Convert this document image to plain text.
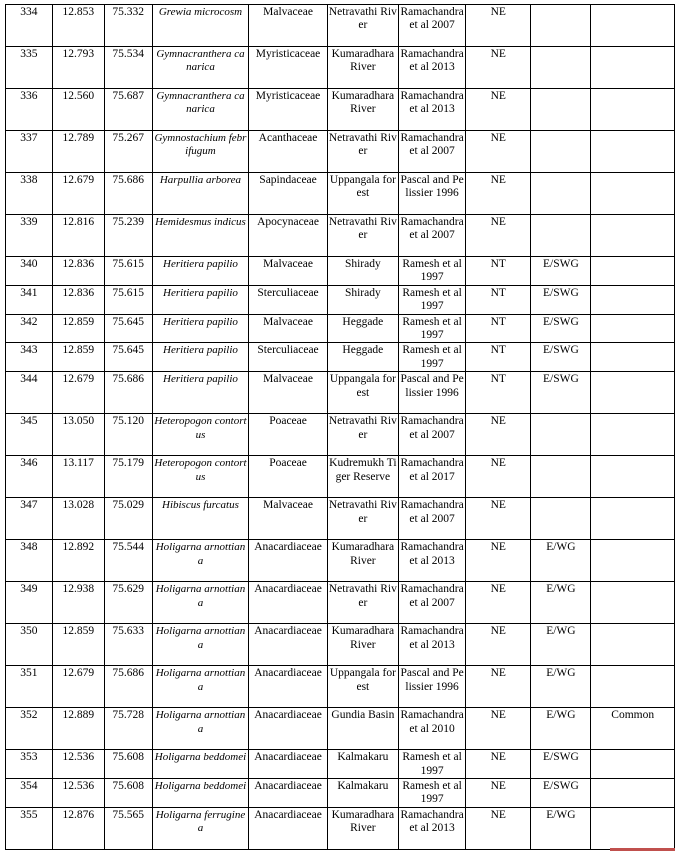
334	12.853	75.332	Grewia microcosm	Malvaceae	Netravathi River	Ramachandra et al 2007	NE		
335	12.793	75.534	Gymnacranthera canarica	Myristicaceae	Kumaradhara River	Ramachandra et al 2013	NE		
336	12.560	75.687	Gymnacranthera canarica	Myristicaceae	Kumaradhara River	Ramachandra et al 2013	NE		
337	12.789	75.267	Gymnostachium febrifugum	Acanthaceae	Netravathi River	Ramachandra et al 2007	NE		
338	12.679	75.686	Harpullia arborea	Sapindaceae	Uppangala forest	Pascal and Pelissier 1996	NE		
339	12.816	75.239	Hemidesmus indicus	Apocynaceae	Netravathi River	Ramachandra et al 2007	NE		
340	12.836	75.615	Heritiera papilio	Malvaceae	Shirady	Ramesh et al 1997	NT	E/SWG	
341	12.836	75.615	Heritiera papilio	Sterculiaceae	Shirady	Ramesh et al 1997	NT	E/SWG	
342	12.859	75.645	Heritiera papilio	Malvaceae	Heggade	Ramesh et al 1997	NT	E/SWG	
343	12.859	75.645	Heritiera papilio	Sterculiaceae	Heggade	Ramesh et al 1997	NT	E/SWG	
344	12.679	75.686	Heritiera papilio	Malvaceae	Uppangala forest	Pascal and Pelissier 1996	NT	E/SWG	
345	13.050	75.120	Heteropogon contortus	Poaceae	Netravathi River	Ramachandra et al 2007	NE		
346	13.117	75.179	Heteropogon contortus	Poaceae	Kudremukh Tiger Reserve	Ramachandra et al 2017	NE		
347	13.028	75.029	Hibiscus furcatus	Malvaceae	Netravathi River	Ramachandra et al 2007	NE		
348	12.892	75.544	Holigarna arnottiana	Anacardiaceae	Kumaradhara River	Ramachandra et al 2013	NE	E/WG	
349	12.938	75.629	Holigarna arnottiana	Anacardiaceae	Netravathi River	Ramachandra et al 2007	NE	E/WG	
350	12.859	75.633	Holigarna arnottiana	Anacardiaceae	Kumaradhara River	Ramachandra et al 2013	NE	E/WG	
351	12.679	75.686	Holigarna arnottiana	Anacardiaceae	Uppangala forest	Pascal and Pelissier 1996	NE	E/WG	
352	12.889	75.728	Holigarna arnottiana	Anacardiaceae	Gundia Basin	Ramachandra et al 2010	NE	E/WG	Common
353	12.536	75.608	Holigarna beddomei	Anacardiaceae	Kalmakaru	Ramesh et al 1997	NE	E/SWG	
354	12.536	75.608	Holigarna beddomei	Anacardiaceae	Kalmakaru	Ramesh et al 1997	NE	E/SWG	
355	12.876	75.565	Holigarna ferruginea	Anacardiaceae	Kumaradhara River	Ramachandra et al 2013	NE	E/WG	
